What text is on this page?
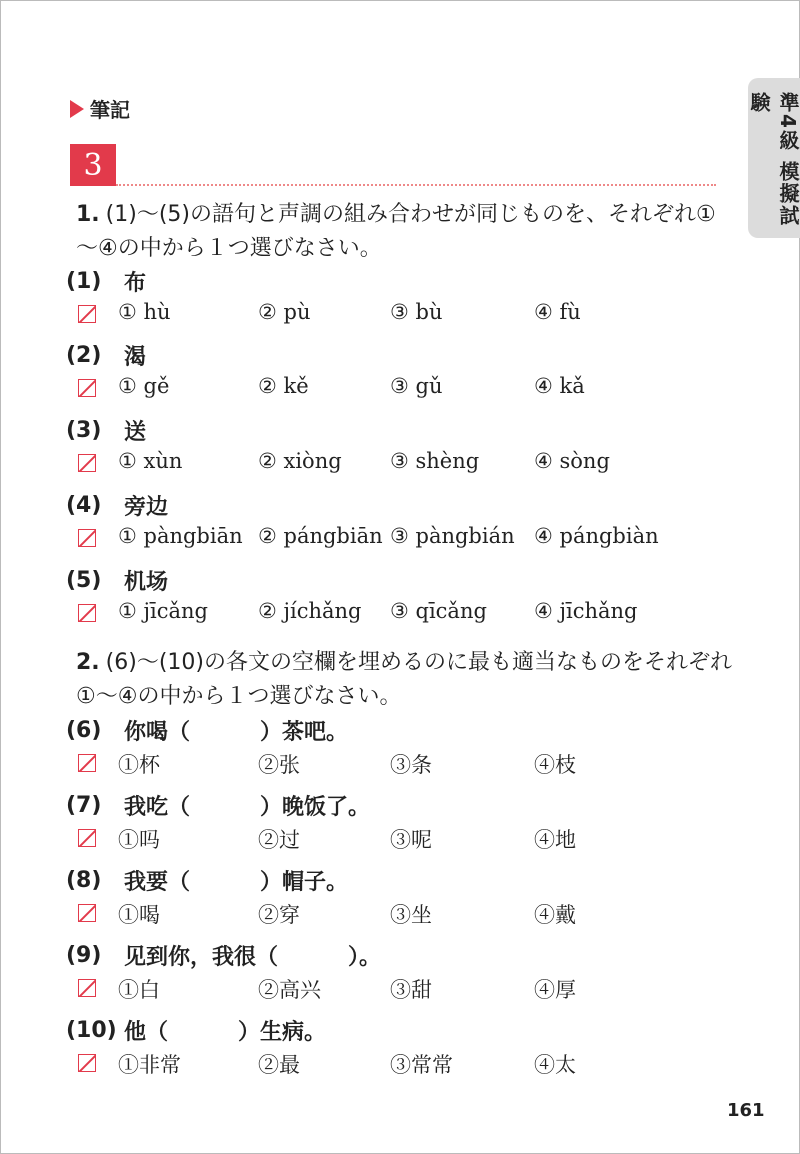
準4級 模擬試験
筆記
3
1. (1)～(5)の語句と声調の組み合わせが同じものを、それぞれ①～④の中から１つ選びなさい。
(1)	布
① hù	② pù	③ bù	④ fù
(2)	渴
① gě	② kě	③ gǔ	④ kǎ
(3)	送
① xùn	② xiòng ③ shèng	④ sòng
(4)	旁边
① pàngbiān ② pángbiān ③ pàngbián ④ pángbiàn
(5)	机场
① jīcǎng ② jíchǎng ③ qīcǎng ④ jīchǎng
2. (6)～(10)の各文の空欄を埋めるのに最も適当なものをそれぞれ①～④の中から１つ選びなさい。
(6)	你喝（	）茶吧。
①杯	②张	③条	④枝
(7)	我吃（	）晚饭了。
①吗	②过	③呢	④地
(8)	我要（	）帽子。
①喝	②穿	③坐	④戴
(9)	见到你，我很（	）。
①白	②高兴	③甜	④厚
(10) 他（	）生病。
①非常	②最	③常常	④太
161
